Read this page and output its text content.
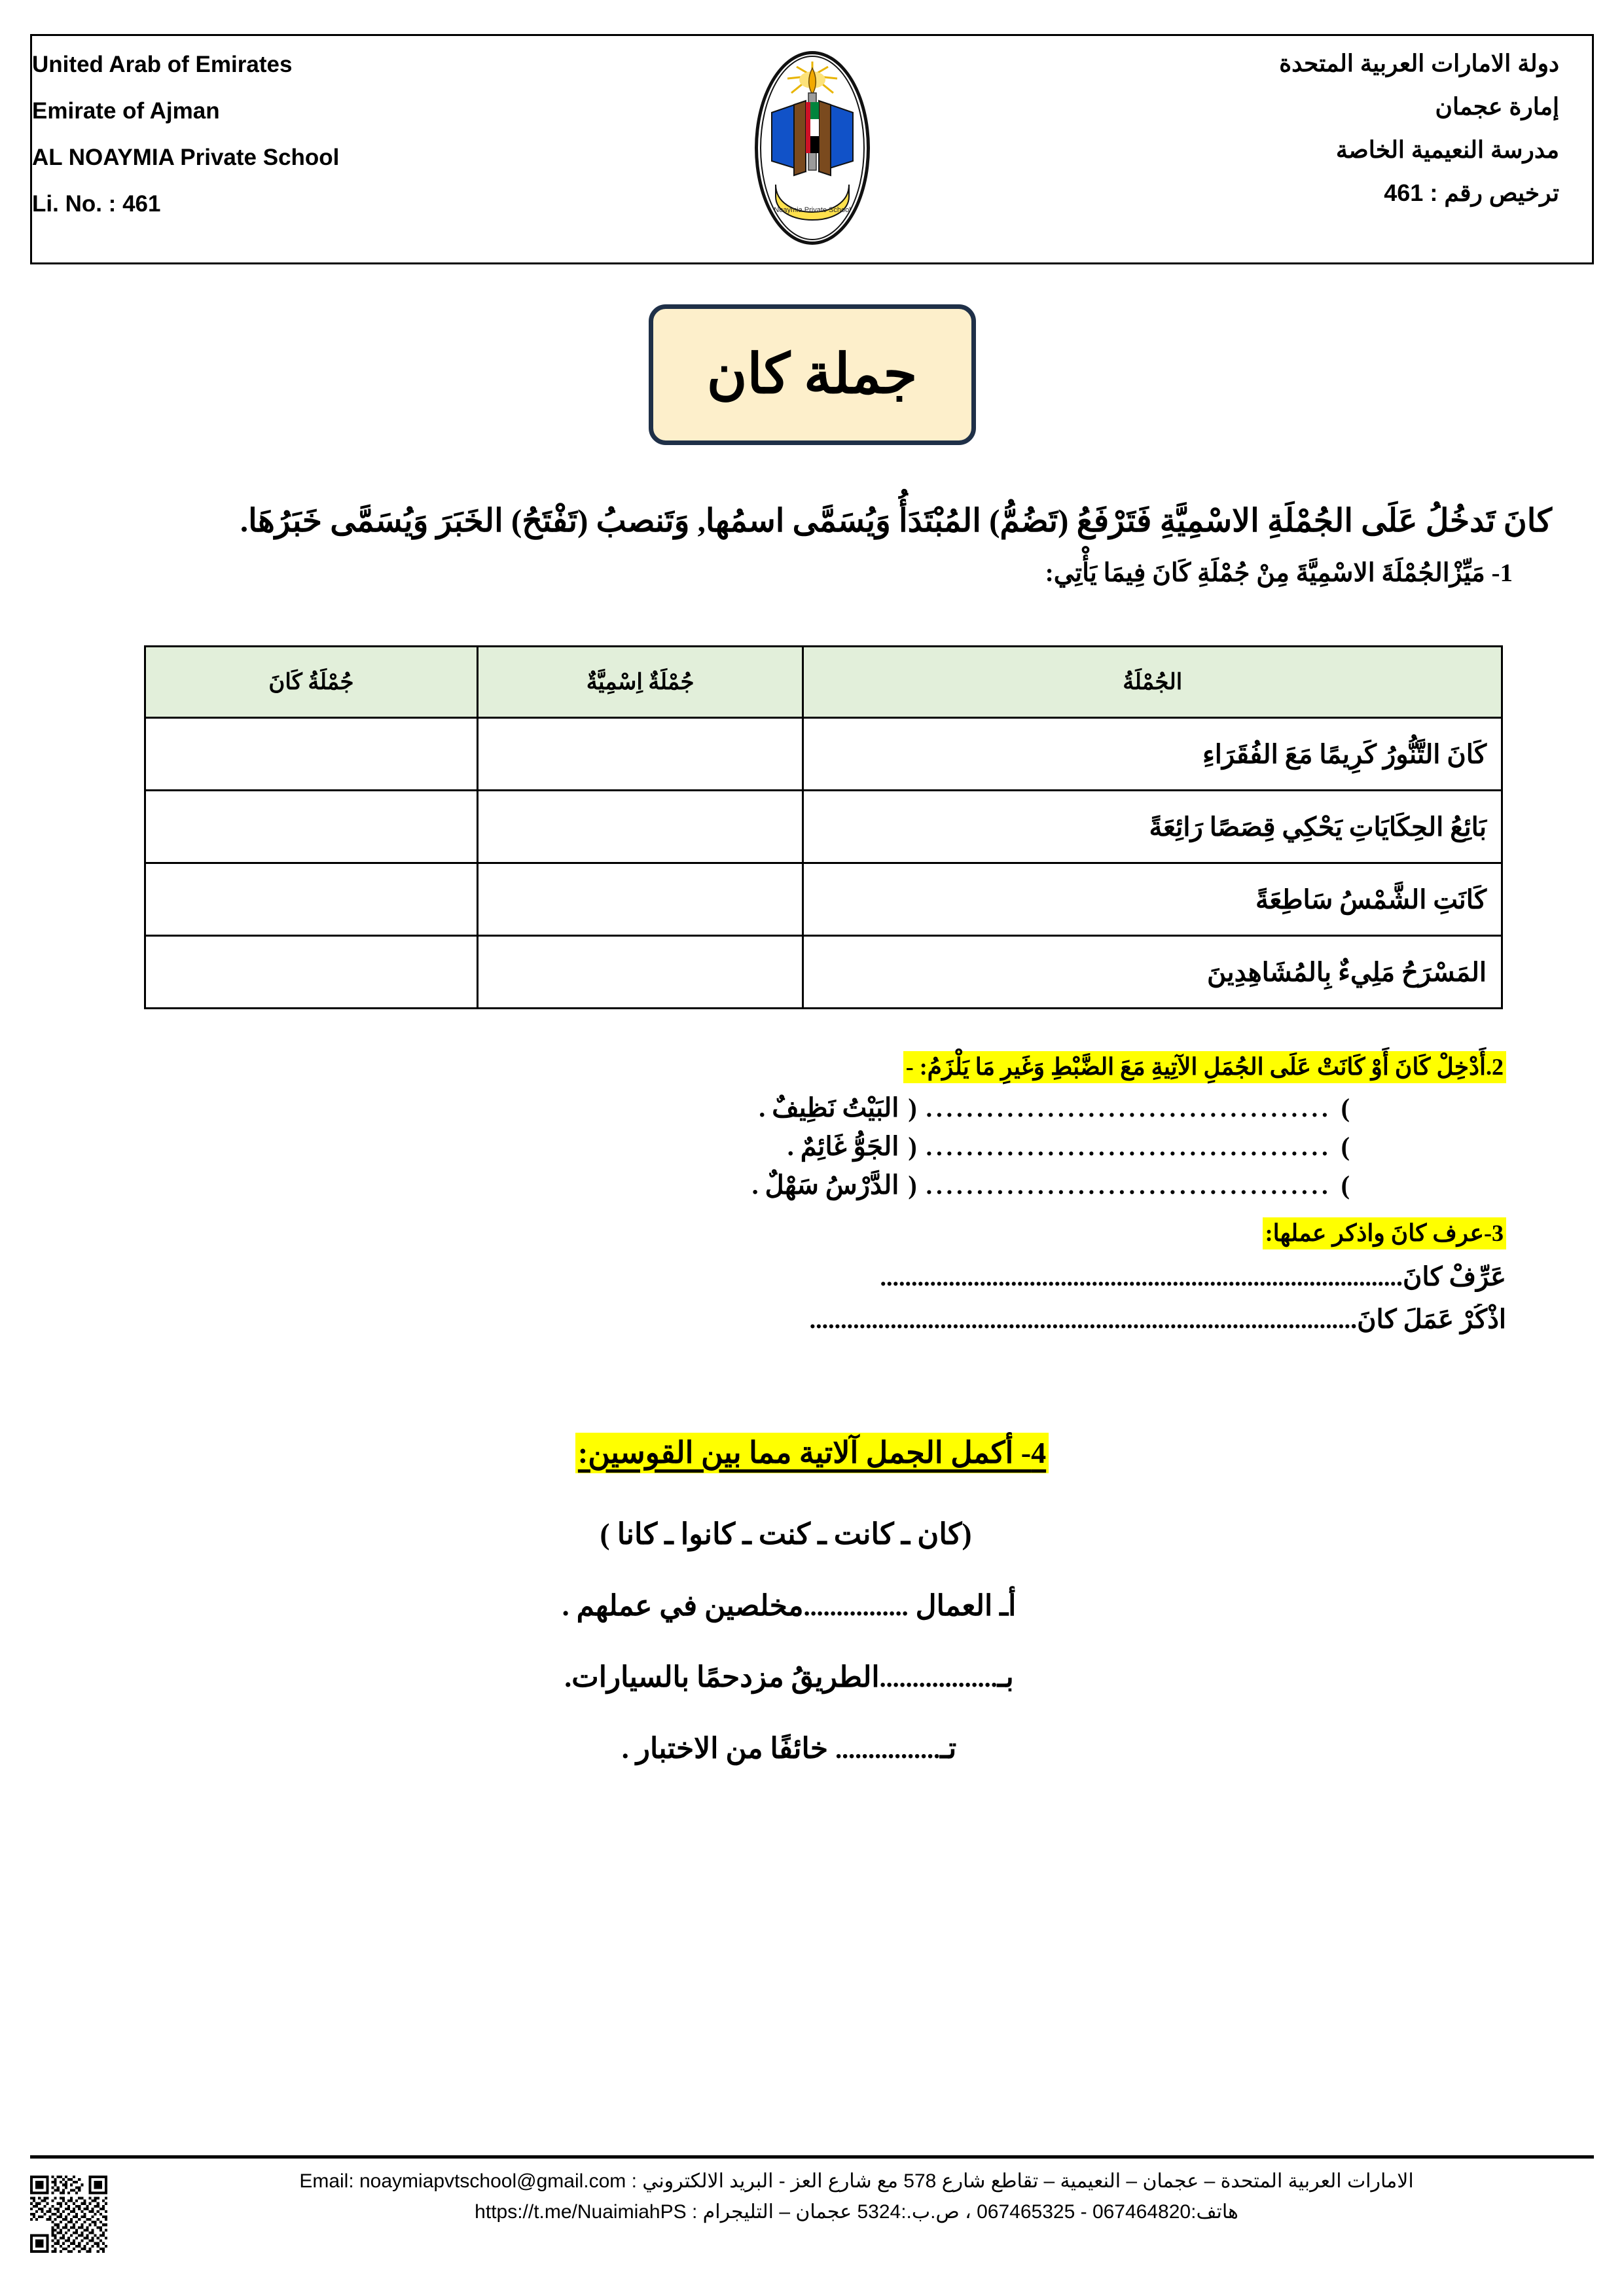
دولة الامارات العربية المتحدة
إمارة عجمان
مدرسة النعيمية الخاصة
ترخيص رقم : 461
Noaymia Private School
United Arab of Emirates
Emirate of Ajman
AL NOAYMIA Private School
Li. No. : 461
جملة كان

كانَ تَدخُلُ عَلَى الجُمْلَةِ الاسْمِيَّةِ فَتَرْفَعُ (تَضُمُّ) المُبْتَدَأُ وَيُسَمَّى اسمُها, وَتَنصبُ (تَفْتَحُ) الخَبَرَ وَيُسَمَّى خَبَرُهَا.

1- مَيِّزْالجُمْلَةَ الاسْمِيَّةَ مِنْ جُمْلَةِ كَانَ فِيمَا يَأْتِي:
الجُمْلَةُ	جُمْلَةٌ اِسْمِيَّةٌ	جُمْلَةُ كَانَ
كَانَ التَّنُّورُ كَرِيمًا مَعَ الفُقَرَاءِ		
بَائِعُ الحِكَايَاتِ يَحْكِي قِصَصًا رَائِعَةً		
كَانَتِ الشَّمْسُ سَاطِعَةً		
المَسْرَحُ مَلِيءٌ بِالمُشَاهِدِينَ		
2.أَدْخِلْ كَانَ أَوْ كَانَتْ عَلَى الجُمَلِ الآتِيةِ مَعَ الضَّبْطِ وَغَيرِ مَا يَلْزَمُ: -
)
........................................
(
البَيْتُ نَظِيفٌ .
)
........................................
(
الجَوُّ غَائِمٌ .
)
........................................
(
الدَّرْسُ سَهْلٌ .
3-عرف كانَ واذكر عملها:
عَرِّفْ كانَ....................................................................................
اذْكُرْ عَمَلَ كانَ........................................................................................
4- أكمل الجمل آلاتية مما بين القوسين:
(كان ـ كانت ـ كنت ـ كانوا ـ كانا )
أـ العمال ................مخلصين في عملهم .
بـ..................الطريقُ مزدحمًا بالسيارات.
تـ................ خائفًا من الاختبار .
الامارات العربية المتحدة – عجمان – النعيمية – تقاطع شارع 578 مع شارع العز - البريد الالكتروني : Email: noaymiapvtschool@gmail.com
هاتف:067464820 - 067465325 ، ص.ب.:5324 عجمان – التليجرام : https://t.me/NuaimiahPS
